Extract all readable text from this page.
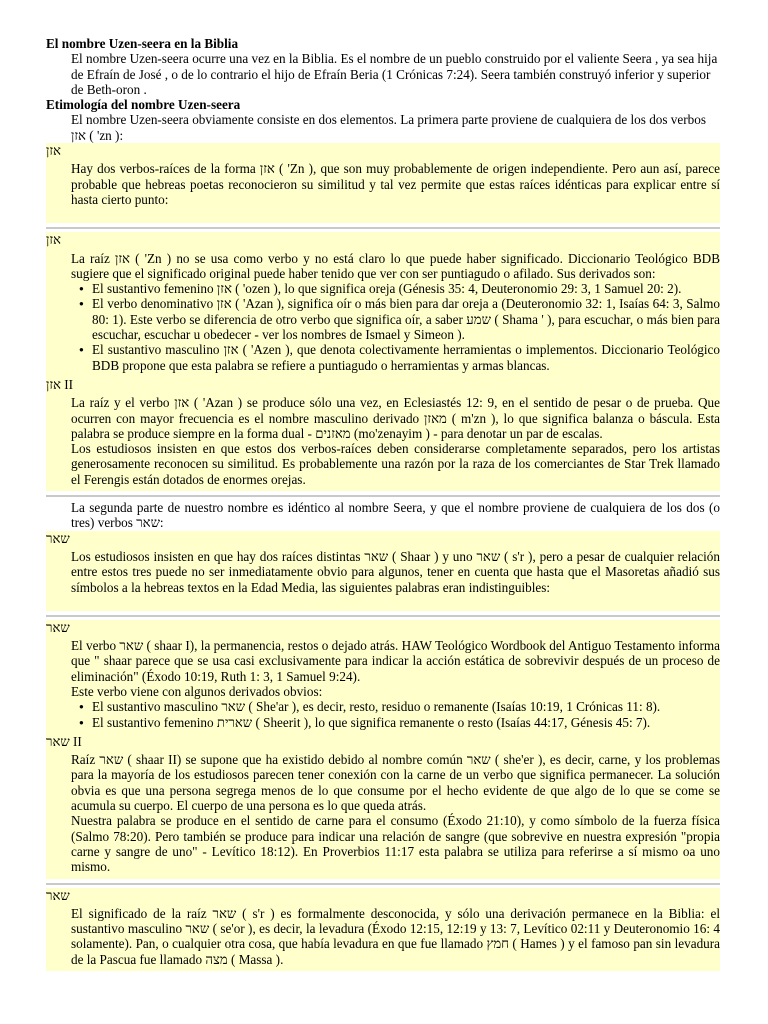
El nombre Uzen-seera en la Biblia

El nombre Uzen-seera ocurre una vez en la Biblia. Es el nombre de un pueblo construido por el valiente Seera , ya sea hija de Efraín de José , o de lo contrario el hijo de Efraín Beria (1 Crónicas 7:24). Seera también construyó inferior y superior de Beth-oron .

Etimología del nombre Uzen-seera

El nombre Uzen-seera obviamente consiste en dos elementos. La primera parte proviene de cualquiera de los dos verbos אזן ( 'zn ):

אזן

Hay dos verbos-raíces de la forma אזן ( 'Zn ), que son muy probablemente de origen independiente. Pero aun así, parece probable que hebreas poetas reconocieron su similitud y tal vez permite que estas raíces idénticas para explicar entre sí hasta cierto punto:

אזן

La raíz אזן ( 'Zn ) no se usa como verbo y no está claro lo que puede haber significado. Diccionario Teológico BDB sugiere que el significado original puede haber tenido que ver con ser puntiagudo o afilado. Sus derivados son:

● El sustantivo femenino אזן ( 'ozen ), lo que significa oreja (Génesis 35: 4, Deuteronomio 29: 3, 1 Samuel 20: 2).
● El verbo denominativo אזן ( 'Azan ), significa oír o más bien para dar oreja a (Deuteronomio 32: 1, Isaías 64: 3, Salmo 80: 1). Este verbo se diferencia de otro verbo que significa oír, a saber שמע ( Shama ' ), para escuchar, o más bien para escuchar, escuchar u obedecer - ver los nombres de Ismael y Simeon ).
● El sustantivo masculino אזן ( 'Azen ), que denota colectivamente herramientas o implementos. Diccionario Teológico BDB propone que esta palabra se refiere a puntiagudo o herramientas y armas blancas.
אזן II

La raíz y el verbo אזן ( 'Azan ) se produce sólo una vez, en Eclesiastés 12: 9, en el sentido de pesar o de prueba. Que ocurren con mayor frecuencia es el nombre masculino derivado מאזן ( m'zn ), lo que significa balanza o báscula. Esta palabra se produce siempre en la forma dual - מאזנים (mo'zenayim ) - para denotar un par de escalas.

Los estudiosos insisten en que estos dos verbos-raíces deben considerarse completamente separados, pero los artistas generosamente reconocen su similitud. Es probablemente una razón por la raza de los comerciantes de Star Trek llamado el Ferengis están dotados de enormes orejas.

La segunda parte de nuestro nombre es idéntico al nombre Seera, y que el nombre proviene de cualquiera de los dos (o tres) verbos שאר:

שאר

Los estudiosos insisten en que hay dos raíces distintas שאר ( Shaar ) y uno שאר ( s'r ), pero a pesar de cualquier relación entre estos tres puede no ser inmediatamente obvio para algunos, tener en cuenta que hasta que el Masoretas añadió sus símbolos a la hebreas textos en la Edad Media, las siguientes palabras eran indistinguibles:

שאר

El verbo שאר ( shaar I), la permanencia, restos o dejado atrás. HAW Teológico Wordbook del Antiguo Testamento informa que " shaar parece que se usa casi exclusivamente para indicar la acción estática de sobrevivir después de un proceso de eliminación" (Éxodo 10:19, Ruth 1: 3, 1 Samuel 9:24).

Este verbo viene con algunos derivados obvios:

● El sustantivo masculino שאר ( She'ar ), es decir, resto, residuo o remanente (Isaías 10:19, 1 Crónicas 11: 8).
● El sustantivo femenino שארית ( Sheerit ), lo que significa remanente o resto (Isaías 44:17, Génesis 45: 7).
שאר II

Raíz שאר ( shaar II) se supone que ha existido debido al nombre común שאר ( she'er ), es decir, carne, y los problemas para la mayoría de los estudiosos parecen tener conexión con la carne de un verbo que significa permanecer. La solución obvia es que una persona segrega menos de lo que consume por el hecho evidente de que algo de lo que se come se acumula su cuerpo. El cuerpo de una persona es lo que queda atrás.

Nuestra palabra se produce en el sentido de carne para el consumo (Éxodo 21:10), y como símbolo de la fuerza física (Salmo 78:20). Pero también se produce para indicar una relación de sangre (que sobrevive en nuestra expresión "propia carne y sangre de uno" - Levítico 18:12). En Proverbios 11:17 esta palabra se utiliza para referirse a sí mismo oa uno mismo.

שאר

El significado de la raíz שאר ( s'r ) es formalmente desconocida, y sólo una derivación permanece en la Biblia: el sustantivo masculino שאר ( se'or ), es decir, la levadura (Éxodo 12:15, 12:19 y 13: 7, Levítico 02:11 y Deuteronomio 16: 4 solamente). Pan, o cualquier otra cosa, que había levadura en que fue llamado חמץ ( Hames ) y el famoso pan sin levadura de la Pascua fue llamado מצה ( Massa ).
